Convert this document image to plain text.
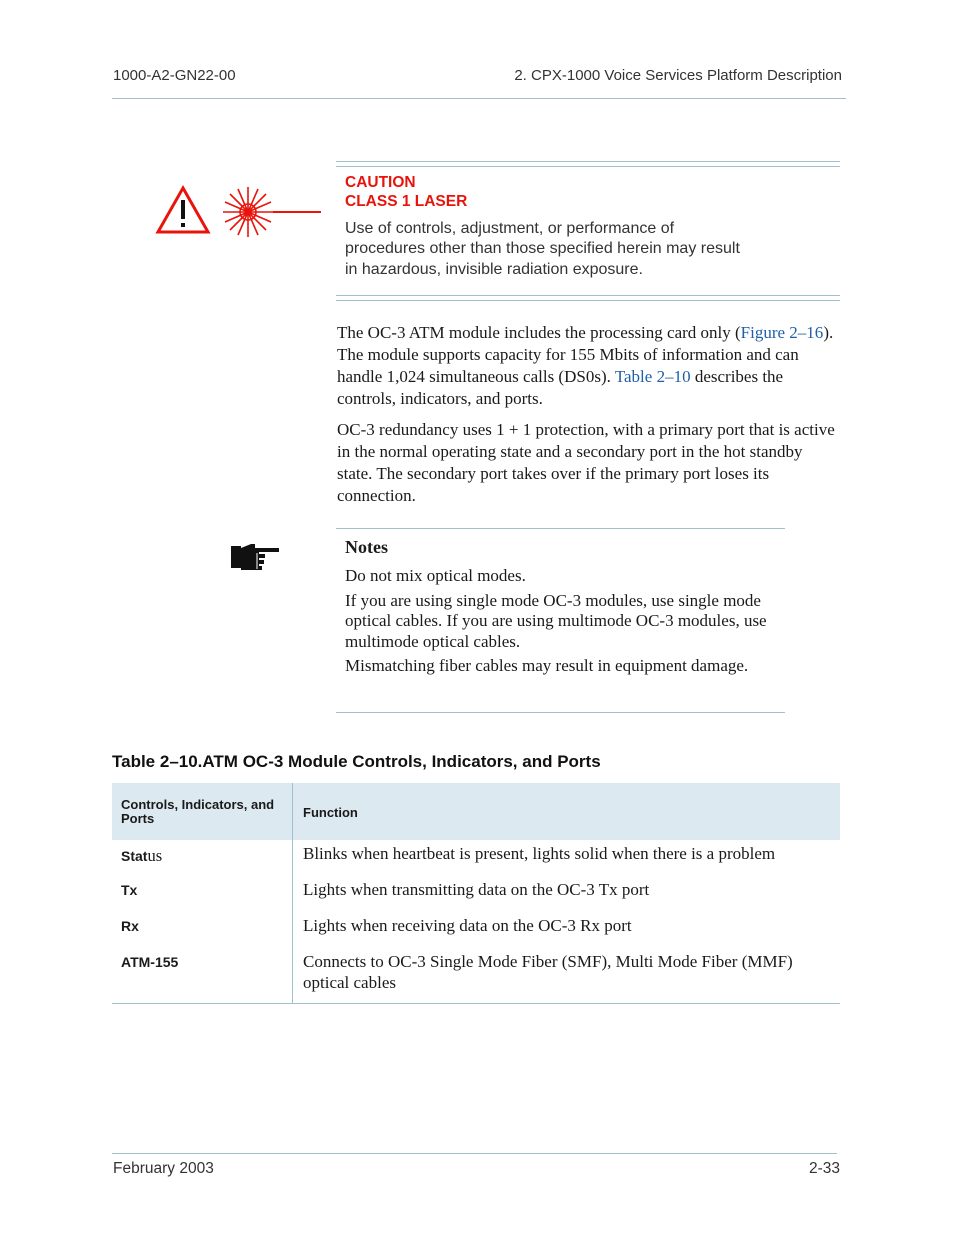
1000-A2-GN22-00	2. CPX-1000 Voice Services Platform Description
CAUTION
CLASS 1 LASER
Use of controls, adjustment, or performance of procedures other than those specified herein may result in hazardous, invisible radiation exposure.
The OC-3 ATM module includes the processing card only (Figure 2–16). The module supports capacity for 155 Mbits of information and can handle 1,024 simultaneous calls (DS0s). Table 2–10 describes the controls, indicators, and ports.
OC-3 redundancy uses 1 + 1 protection, with a primary port that is active in the normal operating state and a secondary port in the hot standby state. The secondary port takes over if the primary port loses its connection.
Notes
Do not mix optical modes.
If you are using single mode OC-3 modules, use single mode optical cables. If you are using multimode OC-3 modules, use multimode optical cables.
Mismatching fiber cables may result in equipment damage.
Table 2–10.ATM OC-3 Module Controls, Indicators, and Ports
Controls, Indicators, and Ports	Function
Status	Blinks when heartbeat is present, lights solid when there is a problem
Tx	Lights when transmitting data on the OC-3 Tx port
Rx	Lights when receiving data on the OC-3 Rx port
ATM-155	Connects to OC-3 Single Mode Fiber (SMF), Multi Mode Fiber (MMF) optical cables
February 2003	2-33
